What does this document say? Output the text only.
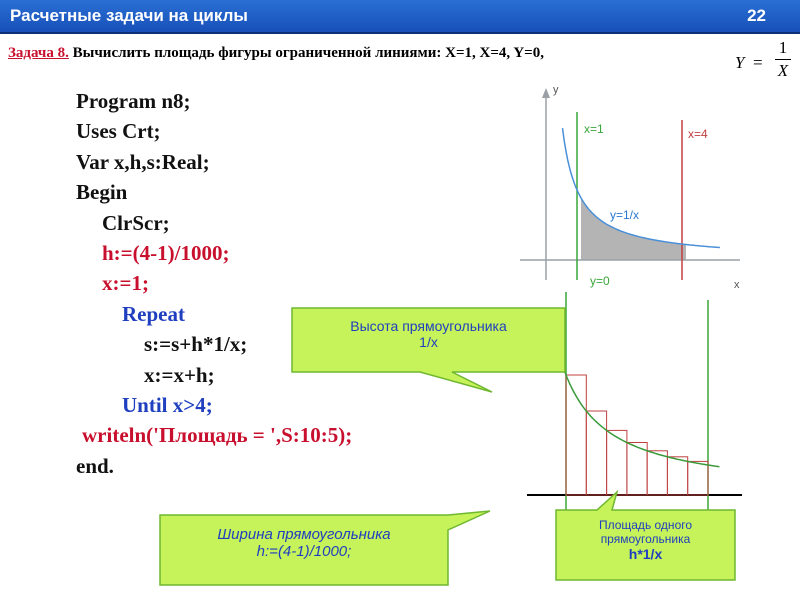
Расчетные задачи на циклы	22
Задача 8. Вычислить площадь фигуры ограниченной линиями: X=1, X=4, Y=0,	Y =
1
X
Program n8;
Uses Crt;
Var x,h,s:Real;
Begin
ClrScr;
h:=(4-1)/1000;
x:=1;
Repeat
s:=s+h*1/x;
x:=x+h;
Until x>4;
writeln('Площадь = ',S:10:5);
end.
y
x
x=1	x=4
y=1/x
y=0
Высота прямоугольника
1/x
Ширина прямоугольника
h:=(4-1)/1000;
Площадь одного
прямоугольника
h*1/x
